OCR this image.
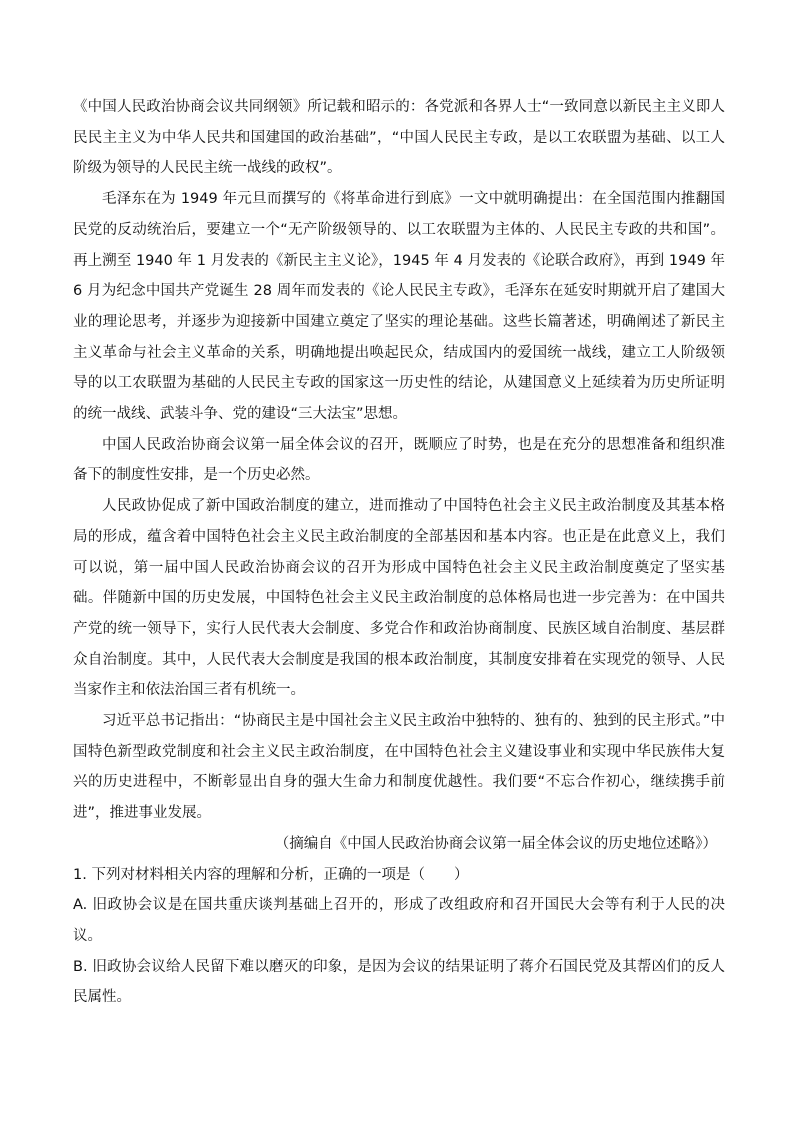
《中国人民政治协商会议共同纲领》所记载和昭示的：各党派和各界人士“一致同意以新民主主义即人民民主主义为中华人民共和国建国的政治基础”，“中国人民民主专政，是以工农联盟为基础、以工人阶级为领导的人民民主统一战线的政权”。

毛泽东在为 1949 年元旦而撰写的《将革命进行到底》一文中就明确提出：在全国范围内推翻国民党的反动统治后，要建立一个“无产阶级领导的、以工农联盟为主体的、人民民主专政的共和国”。再上溯至 1940 年 1 月发表的《新民主主义论》，1945 年 4 月发表的《论联合政府》，再到 1949 年 6 月为纪念中国共产党诞生 28 周年而发表的《论人民民主专政》，毛泽东在延安时期就开启了建国大业的理论思考，并逐步为迎接新中国建立奠定了坚实的理论基础。这些长篇著述，明确阐述了新民主主义革命与社会主义革命的关系，明确地提出唤起民众，结成国内的爱国统一战线，建立工人阶级领导的以工农联盟为基础的人民民主专政的国家这一历史性的结论，从建国意义上延续着为历史所证明的统一战线、武装斗争、党的建设“三大法宝”思想。

中国人民政治协商会议第一届全体会议的召开，既顺应了时势，也是在充分的思想准备和组织准备下的制度性安排，是一个历史必然。

人民政协促成了新中国政治制度的建立，进而推动了中国特色社会主义民主政治制度及其基本格局的形成，蕴含着中国特色社会主义民主政治制度的全部基因和基本内容。也正是在此意义上，我们可以说，第一届中国人民政治协商会议的召开为形成中国特色社会主义民主政治制度奠定了坚实基础。伴随新中国的历史发展，中国特色社会主义民主政治制度的总体格局也进一步完善为：在中国共产党的统一领导下，实行人民代表大会制度、多党合作和政治协商制度、民族区域自治制度、基层群众自治制度。其中，人民代表大会制度是我国的根本政治制度，其制度安排着在实现党的领导、人民当家作主和依法治国三者有机统一。

习近平总书记指出：“协商民主是中国社会主义民主政治中独特的、独有的、独到的民主形式。”中国特色新型政党制度和社会主义民主政治制度，在中国特色社会主义建设事业和实现中华民族伟大复兴的历史进程中，不断彰显出自身的强大生命力和制度优越性。我们要“不忘合作初心，继续携手前进”，推进事业发展。

（摘编自《中国人民政治协商会议第一届全体会议的历史地位述略》）

1. 下列对材料相关内容的理解和分析，正确的一项是（　　）

A. 旧政协会议是在国共重庆谈判基础上召开的，形成了改组政府和召开国民大会等有利于人民的决议。

B. 旧政协会议给人民留下难以磨灭的印象，是因为会议的结果证明了蒋介石国民党及其帮凶们的反人民属性。
